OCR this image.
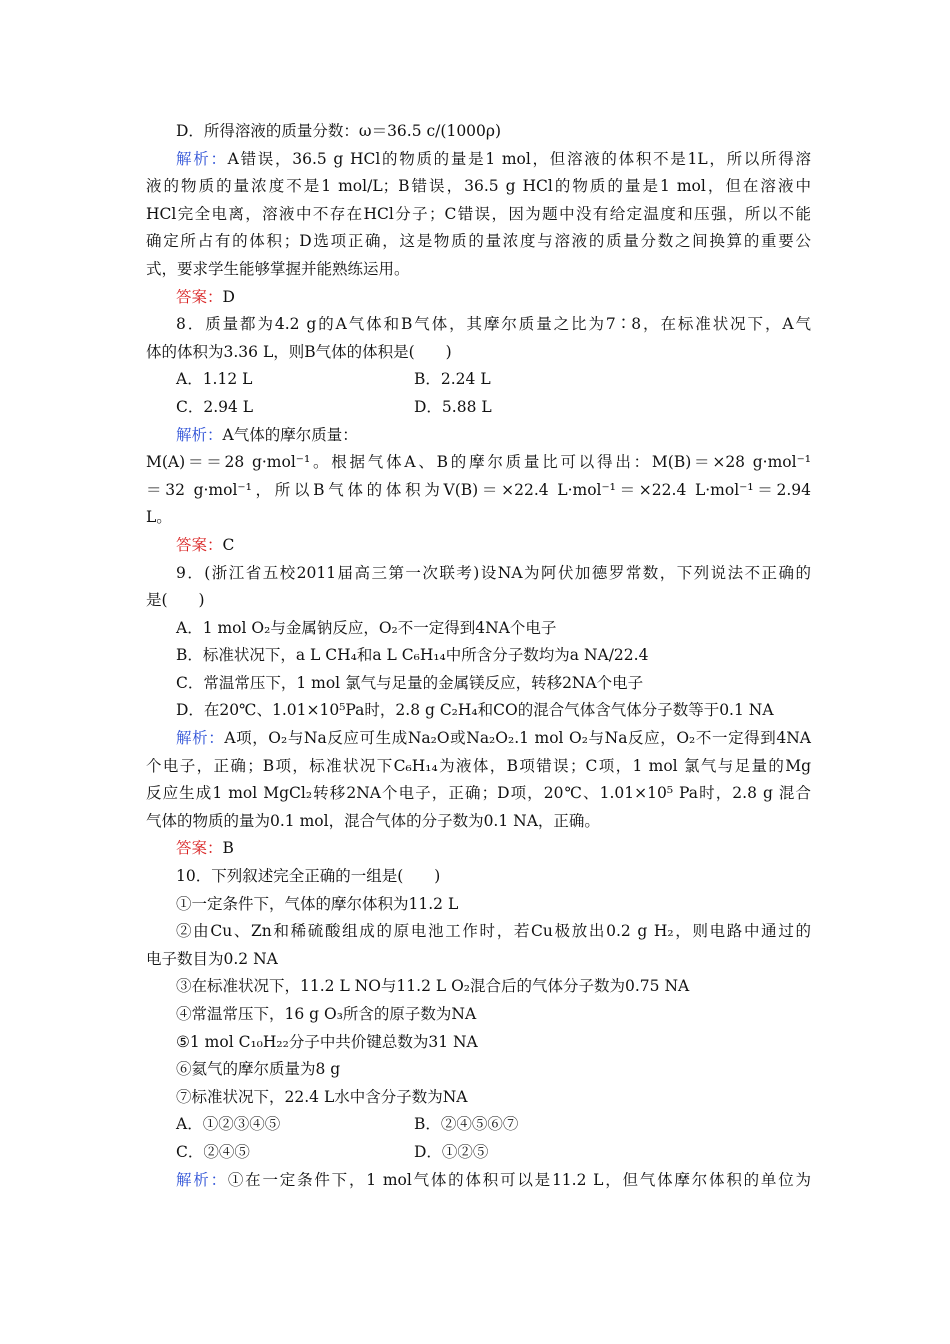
D．所得溶液的质量分数：ω＝36.5 c/(1000ρ)
解析：A错误，36.5 g HCl的物质的量是1 mol，但溶液的体积不是1L，所以所得溶
液的物质的量浓度不是1 mol/L；B错误，36.5 g HCl的物质的量是1 mol，但在溶液中
HCl完全电离，溶液中不存在HCl分子；C错误，因为题中没有给定温度和压强，所以不能
确定所占有的体积；D选项正确，这是物质的量浓度与溶液的质量分数之间换算的重要公
式，要求学生能够掌握并能熟练运用。
答案：D
8．质量都为4.2 g的A气体和B气体，其摩尔质量之比为7∶8，在标准状况下，A气
体的体积为3.36 L，则B气体的体积是(　　)
A．1.12 L	B．2.24 L
C．2.94 L	D．5.88 L
解析：A气体的摩尔质量：
M(A)＝＝28 g·mol⁻¹。根据气体A、B的摩尔质量比可以得出：M(B)＝×28 g·mol⁻¹
＝32 g·mol⁻¹，所以B气体的体积为V(B)＝×22.4 L·mol⁻¹＝×22.4 L·mol⁻¹＝2.94
L。
答案：C
9．(浙江省五校2011届高三第一次联考)设NA为阿伏加德罗常数，下列说法不正确的
是(　　)
A．1 mol O₂与金属钠反应，O₂不一定得到4NA个电子
B．标准状况下，a L CH₄和a L C₆H₁₄中所含分子数均为a NA/22.4
C．常温常压下，1 mol 氯气与足量的金属镁反应，转移2NA个电子
D．在20℃、1.01×10⁵Pa时，2.8 g C₂H₄和CO的混合气体含气体分子数等于0.1 NA
解析：A项，O₂与Na反应可生成Na₂O或Na₂O₂.1 mol O₂与Na反应，O₂不一定得到4NA
个电子，正确；B项，标准状况下C₆H₁₄为液体，B项错误；C项，1 mol 氯气与足量的Mg
反应生成1 mol MgCl₂转移2NA个电子，正确；D项，20℃、1.01×10⁵ Pa时，2.8 g 混合
气体的物质的量为0.1 mol，混合气体的分子数为0.1 NA，正确。
答案：B
10．下列叙述完全正确的一组是(　　)
①一定条件下，气体的摩尔体积为11.2 L
②由Cu、Zn和稀硫酸组成的原电池工作时，若Cu极放出0.2 g H₂，则电路中通过的
电子数目为0.2 NA
③在标准状况下，11.2 L NO与11.2 L O₂混合后的气体分子数为0.75 NA
④常温常压下，16 g O₃所含的原子数为NA
⑤1 mol C₁₀H₂₂分子中共价键总数为31 NA
⑥氦气的摩尔质量为8 g
⑦标准状况下，22.4 L水中含分子数为NA
A．①②③④⑤	B．②④⑤⑥⑦
C．②④⑤	D．①②⑤
解析：①在一定条件下，1 mol气体的体积可以是11.2 L，但气体摩尔体积的单位为
